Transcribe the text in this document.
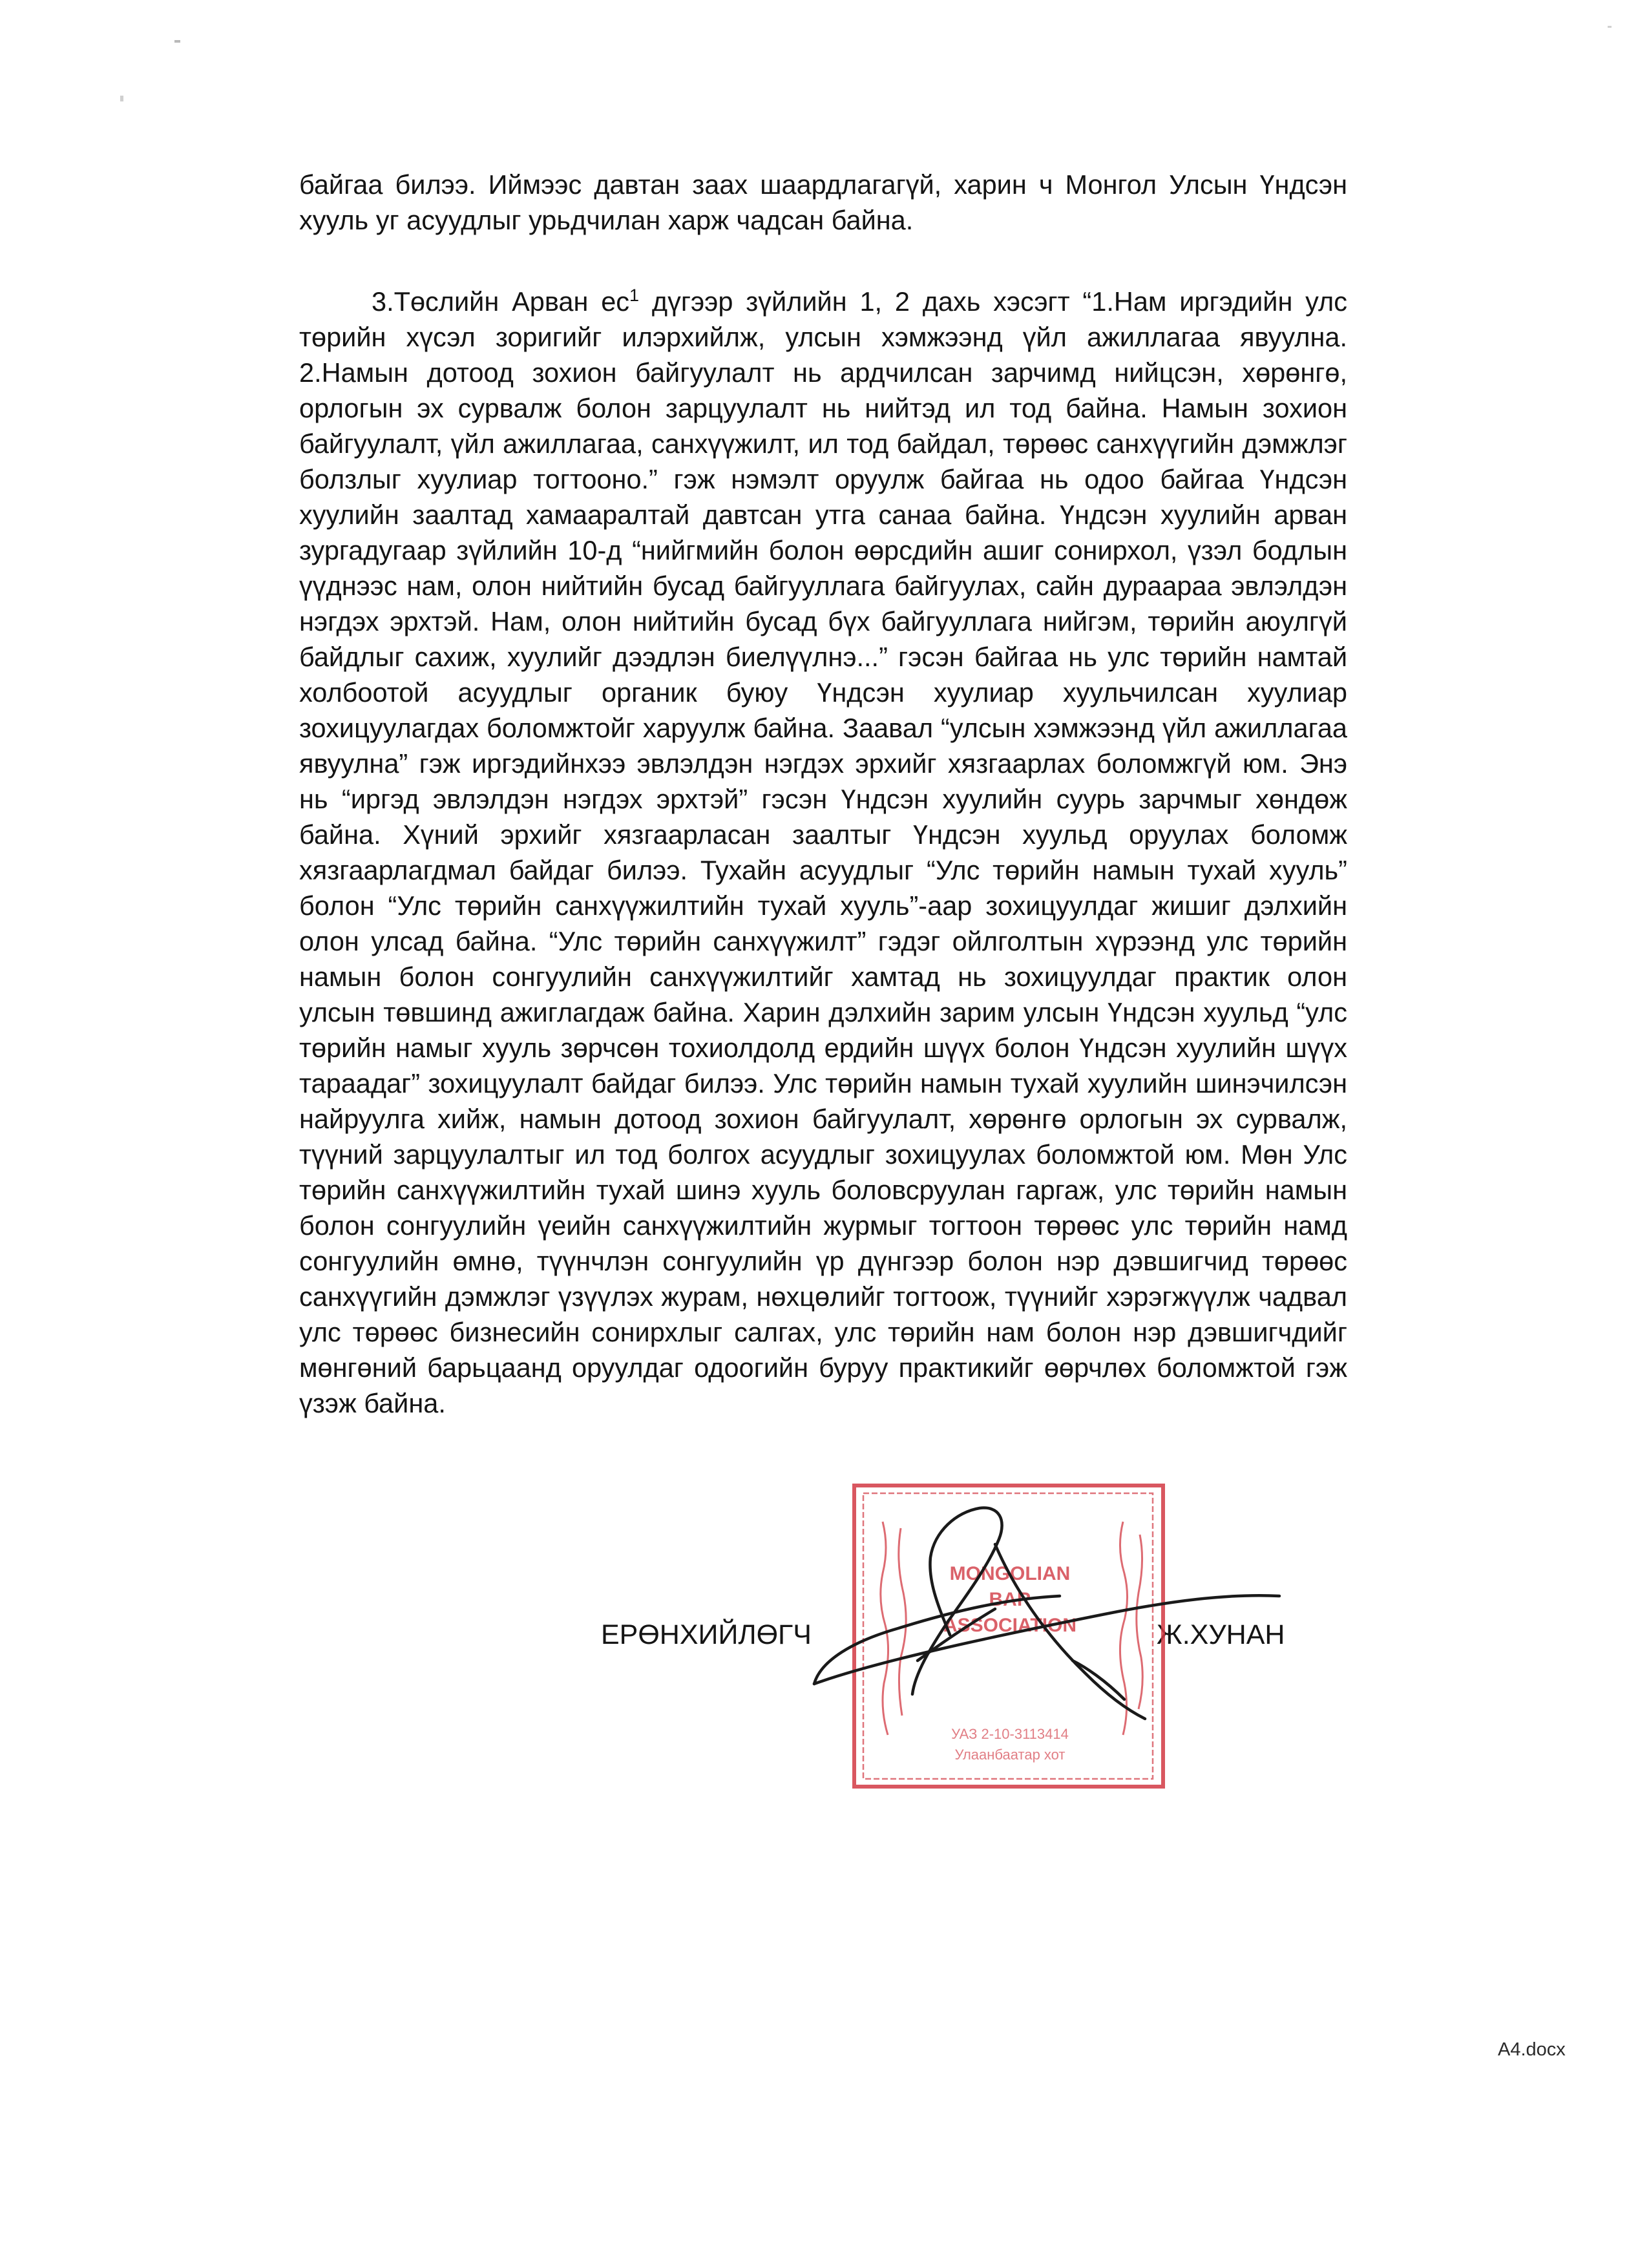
байгаа билээ. Иймээс давтан заах шаардлагагүй, харин ч Монгол Улсын Үндсэн хууль уг асуудлыг урьдчилан харж чадсан байна.

3.Төслийн Арван $ес^1$ дүгээр зүйлийн 1, 2 дахь хэсэгт “1.Нам иргэдийн улс төрийн хүсэл зоригийг илэрхийлж, улсын хэмжээнд үйл ажиллагаа явуулна. 2.Намын дотоод зохион байгуулалт нь ардчилсан зарчимд нийцсэн, хөрөнгө, орлогын эх сурвалж болон зарцуулалт нь нийтэд ил тод байна. Намын зохион байгуулалт, үйл ажиллагаа, санхүүжилт, ил тод байдал, төрөөс санхүүгийн дэмжлэг болзлыг хуулиар тогтооно.” гэж нэмэлт оруулж байгаа нь одоо байгаа Үндсэн хуулийн заалтад хамааралтай давтсан утга санаа байна. Үндсэн хуулийн арван зургадугаар зүйлийн 10-д “нийгмийн болон өөрсдийн ашиг сонирхол, үзэл бодлын үүднээс нам, олон нийтийн бусад байгууллага байгуулах, сайн дураараа эвлэлдэн нэгдэх эрхтэй. Нам, олон нийтийн бусад бүх байгууллага нийгэм, төрийн аюулгүй байдлыг сахиж, хуулийг дээдлэн биелүүлнэ...” гэсэн байгаа нь улс төрийн намтай холбоотой асуудлыг органик буюу Үндсэн хуулиар хуульчилсан хуулиар зохицуулагдах боломжтойг харуулж байна. Заавал “улсын хэмжээнд үйл ажиллагаа явуулна” гэж иргэдийнхээ эвлэлдэн нэгдэх эрхийг хязгаарлах боломжгүй юм. Энэ нь “иргэд эвлэлдэн нэгдэх эрхтэй” гэсэн Үндсэн хуулийн суурь зарчмыг хөндөж байна. Хүний эрхийг хязгаарласан заалтыг Үндсэн хуульд оруулах боломж хязгаарлагдмал байдаг билээ. Тухайн асуудлыг “Улс төрийн намын тухай хууль” болон “Улс төрийн санхүүжилтийн тухай хууль”-аар зохицуулдаг жишиг дэлхийн олон улсад байна. “Улс төрийн санхүүжилт” гэдэг ойлголтын хүрээнд улс төрийн намын болон сонгуулийн санхүүжилтийг хамтад нь зохицуулдаг практик олон улсын төвшинд ажиглагдаж байна. Харин дэлхийн зарим улсын Үндсэн хуульд “улс төрийн намыг хууль зөрчсөн тохиолдолд ердийн шүүх болон Үндсэн хуулийн шүүх тараадаг” зохицуулалт байдаг билээ. Улс төрийн намын тухай хуулийн шинэчилсэн найруулга хийж, намын дотоод зохион байгуулалт, хөрөнгө орлогын эх сурвалж, түүний зарцуулалтыг ил тод болгох асуудлыг зохицуулах боломжтой юм. Мөн Улс төрийн санхүүжилтийн тухай шинэ хууль боловсруулан гаргаж, улс төрийн намын болон сонгуулийн үеийн санхүүжилтийн журмыг тогтоон төрөөс улс төрийн намд сонгуулийн өмнө, түүнчлэн сонгуулийн үр дүнгээр болон нэр дэвшигчид төрөөс санхүүгийн дэмжлэг үзүүлэх журам, нөхцөлийг тогтоож, түүнийг хэрэгжүүлж чадвал улс төрөөс бизнесийн сонирхлыг салгах, улс төрийн нам болон нэр дэвшигчдийг мөнгөний барьцаанд оруулдаг одоогийн буруу практикийг өөрчлөх боломжтой гэж үзэж байна.

ЕРӨНХИЙЛӨГЧ	Ж.ХУНАН
MONGOLIAN
BAR
ASSOCIATION
УАЗ 2-10-3113414
Улаанбаатар хот
A4.docx
